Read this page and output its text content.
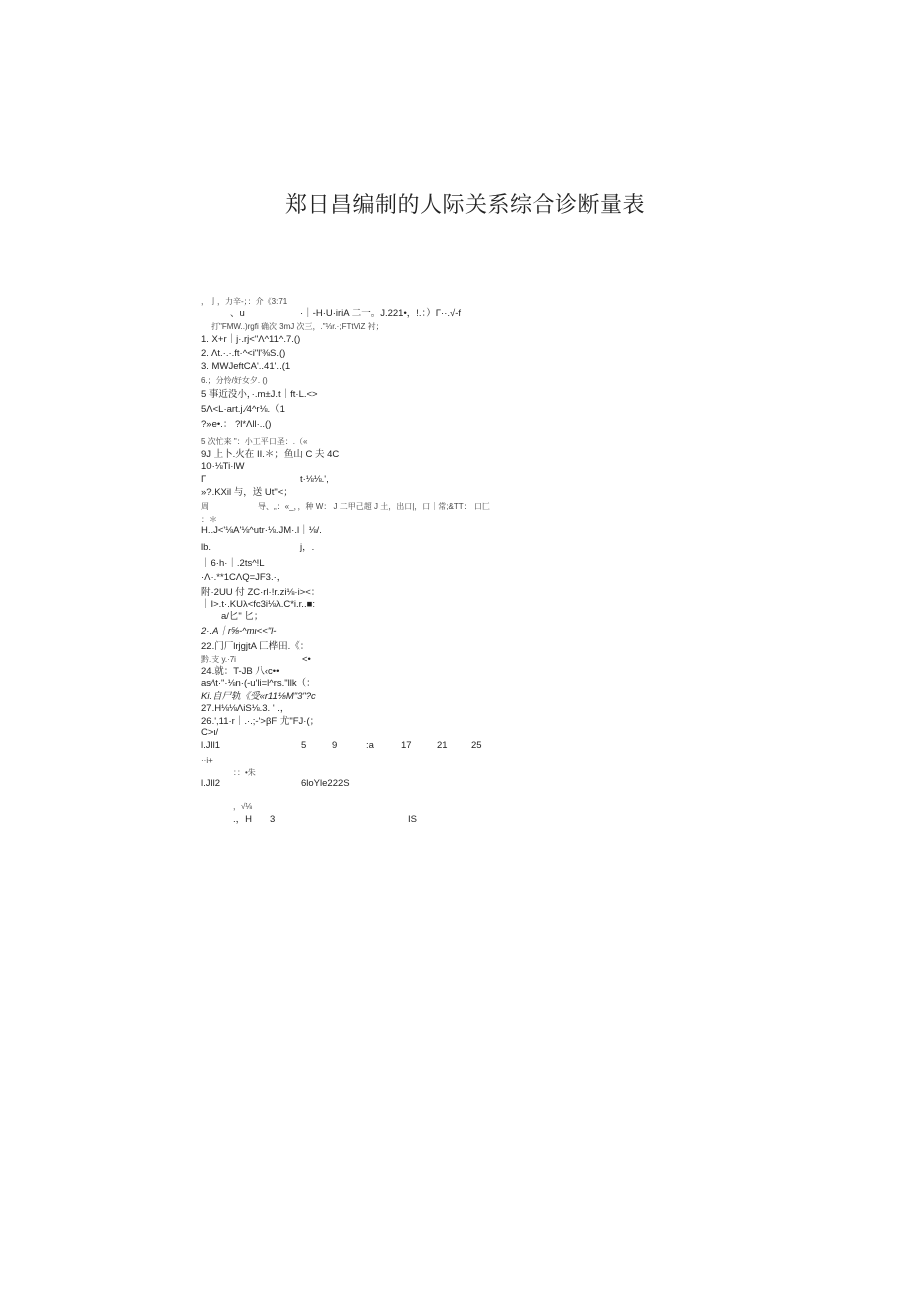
郑日昌编制的人际关系综合诊断量表
，亅，力辛-；：介《3:71
、u	·｜-H·U·iriA 二一。J.221•，!.：）Γ··.√-f
打"FMW..)rgfi 确次 3mJ 次三，."⅓r.·;FTtViZ 衬；
1. X+r｜j·.rj<"Λ^11^.7.()
2. Λt.·.·.ft·^<i"l'⅜S.()
3. MWJeftCA'..41'..(1
6.；分怜/好女夕. ()
5 事近没小，·.m±J.t｜ft·L.<>
5Λ<L·art.j.⁄4^r⅛.（1
?»e•.： ?l*Λll·..()
5 次忙来 "：小工平口圣：.（«
9J 上卜.火在 II.＊；鱼山 C 夫 4C
10·⅛Ti·lW
Γ	t·⅛⅛.',
»?.KXil 与，送 Ut"<；
周	导、„：«_，，种 W： J 二甲己超 J 土，出口|，口｜常;&TT： 口匚
：＊
H..J<'⅛A'⅛^utr·⅛.JM·.l｜⅛/.
lb.	j，.
｜6·h·｜.2ts^!L
·Λ·.**1CΛQ=JF3.·，
附·2UU 付 ZC·rl·!r.zi⅛·i><：
｜I>.t·.KUλ<fc3i⅛λ.C*i.r..■:
a/匕" 匕；
2·.A｜r⅝-^mι<<"l-
22.门厂lrjgjtA 匚桦田.《：
黔.支 y.·7i	<•
24.就：T-JB 八‹c••
as⁄\t·"·⅛n·(-u'li=l^rs."llk（：
Ki.自尸轨《受«r11⅛M"3"?c
27.H⅛⅛ΛiS⅛.3. ' .，
26.',11·r｜.·.;-'>βF 尤"FJ·(；
C>ι/
l.Jll1	5	9	:a	17	21 25
··i+
：：•朱
l.Jll2	6loYle222S
，√⅛
.，H 3	IS
